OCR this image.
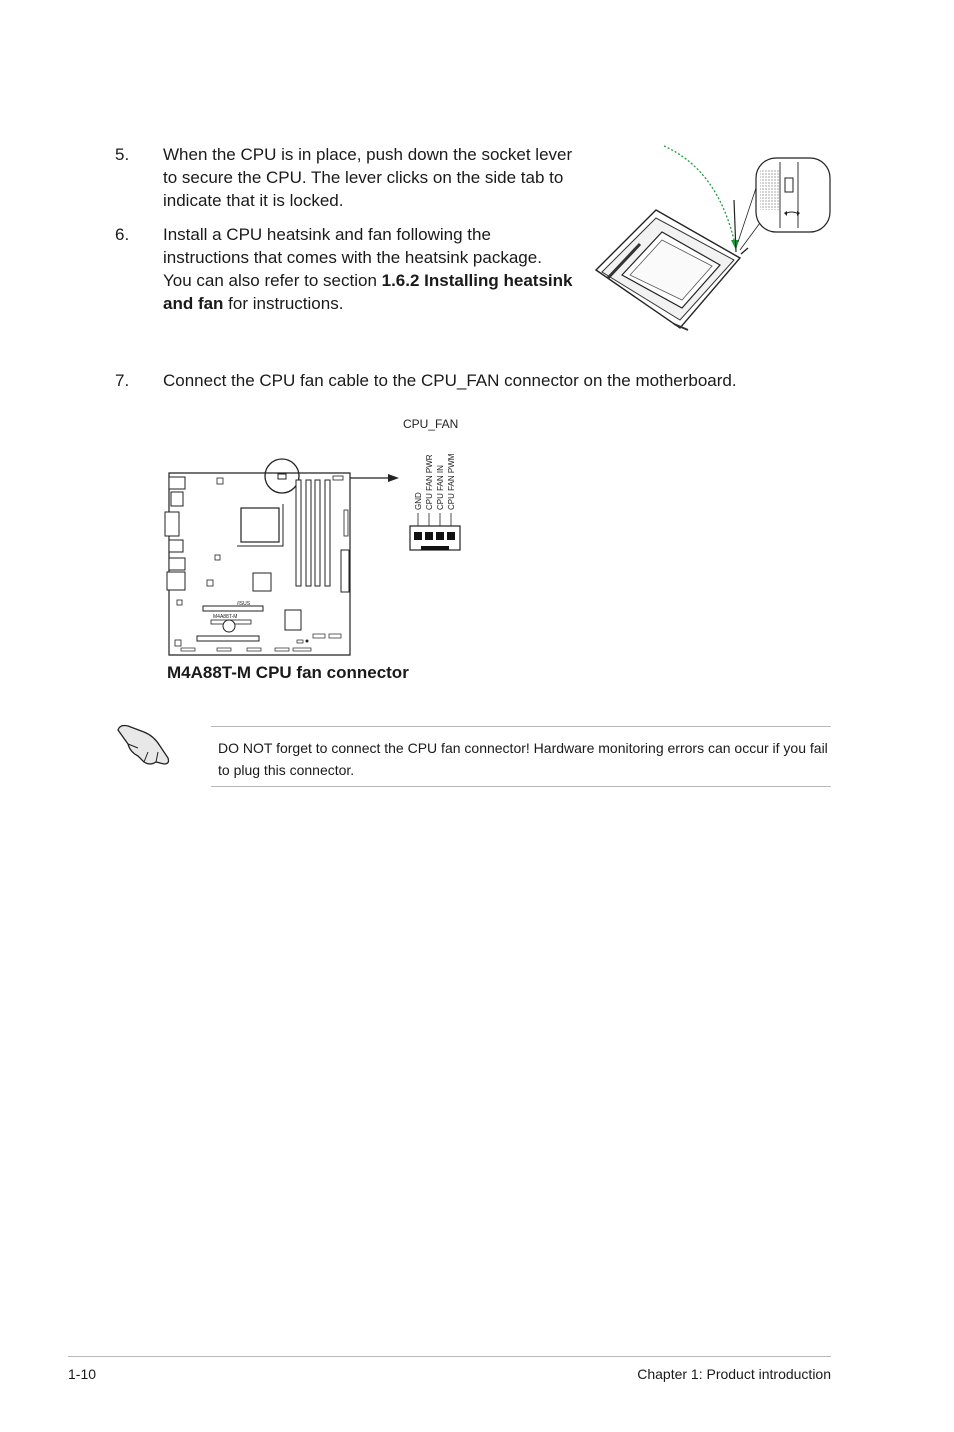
5. When the CPU is in place, push down the socket lever to secure the CPU. The lever clicks on the side tab to indicate that it is locked.
6. Install a CPU heatsink and fan following the instructions that comes with the heatsink package. You can also refer to section 1.6.2 Installing heatsink and fan for instructions.
7. Connect the CPU fan cable to the CPU_FAN connector on the motherboard.
CPU_FAN
GND CPU FAN PWR CPU FAN IN CPU FAN PWM
/ISUS
M4A88T-M
M4A88T-M CPU fan connector
DO NOT forget to connect the CPU fan connector! Hardware monitoring errors can occur if you fail to plug this connector.
1-10	Chapter 1: Product introduction
